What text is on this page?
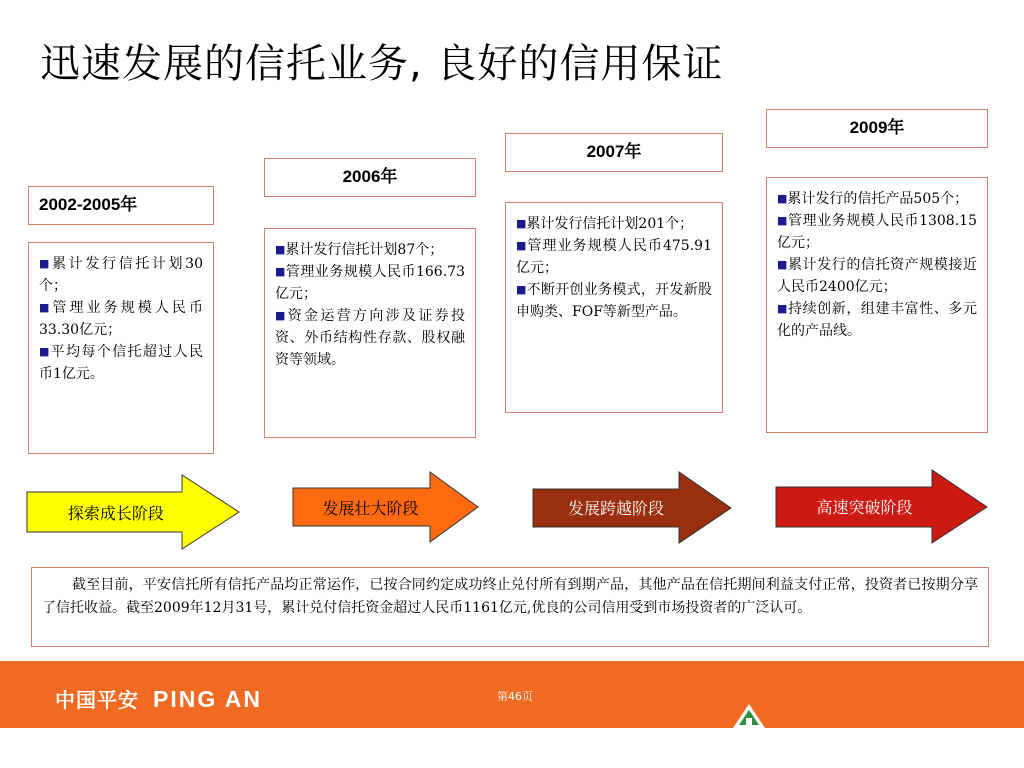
迅速发展的信托业务, 良好的信用保证
2002-2005年
2006年
2007年
2009年

■累计发行信托计划30个；

■管理业务规模人民币33.30亿元；

■平均每个信托超过人民币1亿元。

■累计发行信托计划87个；

■管理业务规模人民币166.73亿元；

■资金运营方向涉及证券投资、外币结构性存款、股权融资等领域。

■累计发行信托计划201个；

■管理业务规模人民币475.91亿元；

■不断开创业务模式，开发新股申购类、FOF等新型产品。

■累计发行的信托产品505个；

■管理业务规模人民币1308.15亿元；

■累计发行的信托资产规模接近人民币2400亿元；

■持续创新，组建丰富性、多元化的产品线。

探索成长阶段	发展壮大阶段	发展跨越阶段	高速突破阶段
截至目前，平安信托所有信托产品均正常运作，已按合同约定成功终止兑付所有到期产品，其他产品在信托期间利益支付正常，投资者已按期分享了信托收益。截至2009年12月31号，累计兑付信托资金超过人民币1161亿元,优良的公司信用受到市场投资者的广泛认可。
中国平安 PING AN	第46页
